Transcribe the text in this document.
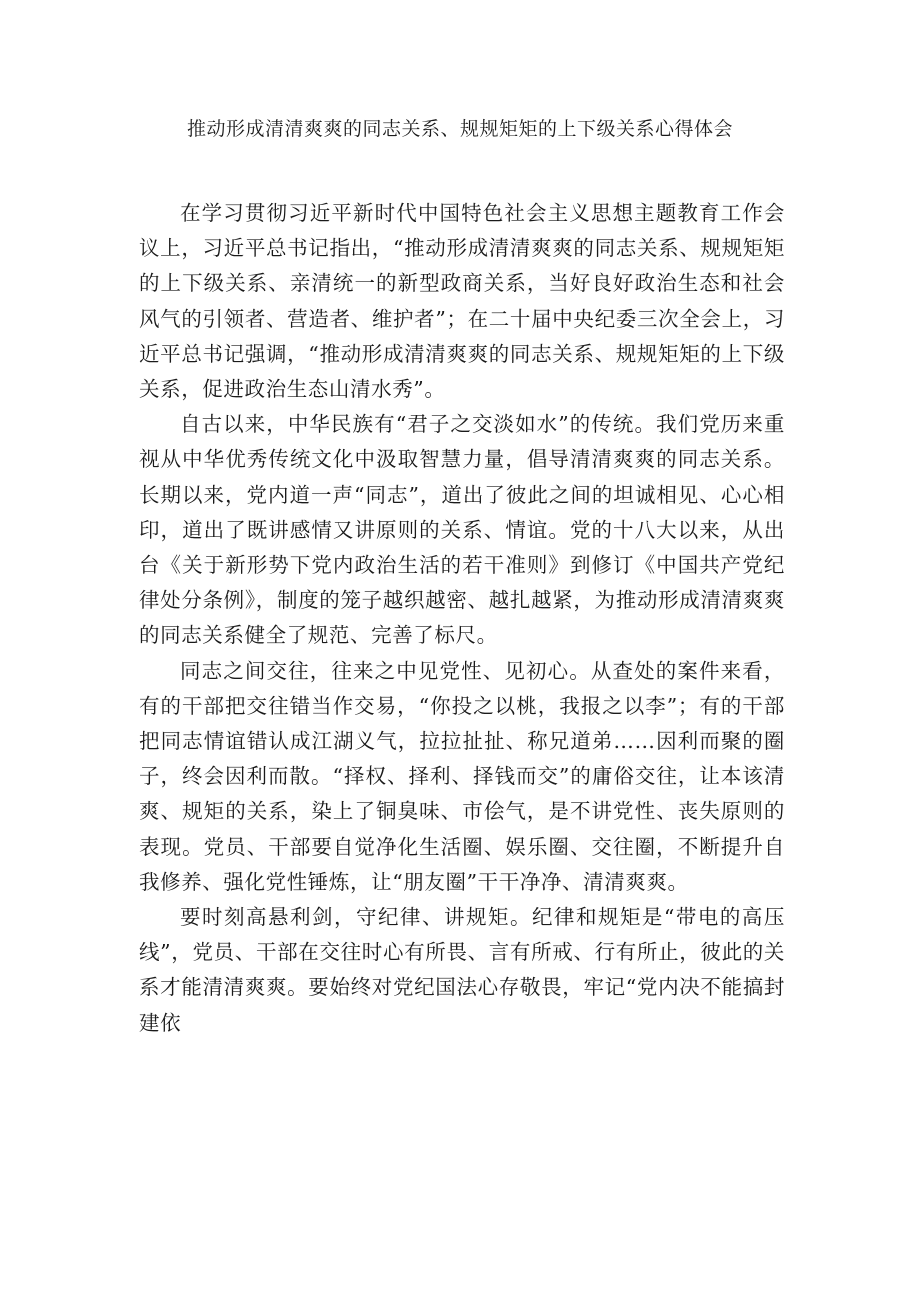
推动形成清清爽爽的同志关系、规规矩矩的上下级关系心得体会

在学习贯彻习近平新时代中国特色社会主义思想主题教育工作会议上，习近平总书记指出，“推动形成清清爽爽的同志关系、规规矩矩的上下级关系、亲清统一的新型政商关系，当好良好政治生态和社会风气的引领者、营造者、维护者”；在二十届中央纪委三次全会上，习近平总书记强调，“推动形成清清爽爽的同志关系、规规矩矩的上下级关系，促进政治生态山清水秀”。

自古以来，中华民族有“君子之交淡如水”的传统。我们党历来重视从中华优秀传统文化中汲取智慧力量，倡导清清爽爽的同志关系。长期以来，党内道一声“同志”，道出了彼此之间的坦诚相见、心心相印，道出了既讲感情又讲原则的关系、情谊。党的十八大以来，从出台《关于新形势下党内政治生活的若干准则》到修订《中国共产党纪律处分条例》，制度的笼子越织越密、越扎越紧，为推动形成清清爽爽的同志关系健全了规范、完善了标尺。

同志之间交往，往来之中见党性、见初心。从查处的案件来看，有的干部把交往错当作交易，“你投之以桃，我报之以李”；有的干部把同志情谊错认成江湖义气，拉拉扯扯、称兄道弟……因利而聚的圈子，终会因利而散。“择权、择利、择钱而交”的庸俗交往，让本该清爽、规矩的关系，染上了铜臭味、市侩气，是不讲党性、丧失原则的表现。党员、干部要自觉净化生活圈、娱乐圈、交往圈，不断提升自我修养、强化党性锤炼，让“朋友圈”干干净净、清清爽爽。

要时刻高悬利剑，守纪律、讲规矩。纪律和规矩是“带电的高压线”，党员、干部在交往时心有所畏、言有所戒、行有所止，彼此的关系才能清清爽爽。要始终对党纪国法心存敬畏，牢记“党内决不能搞封建依
